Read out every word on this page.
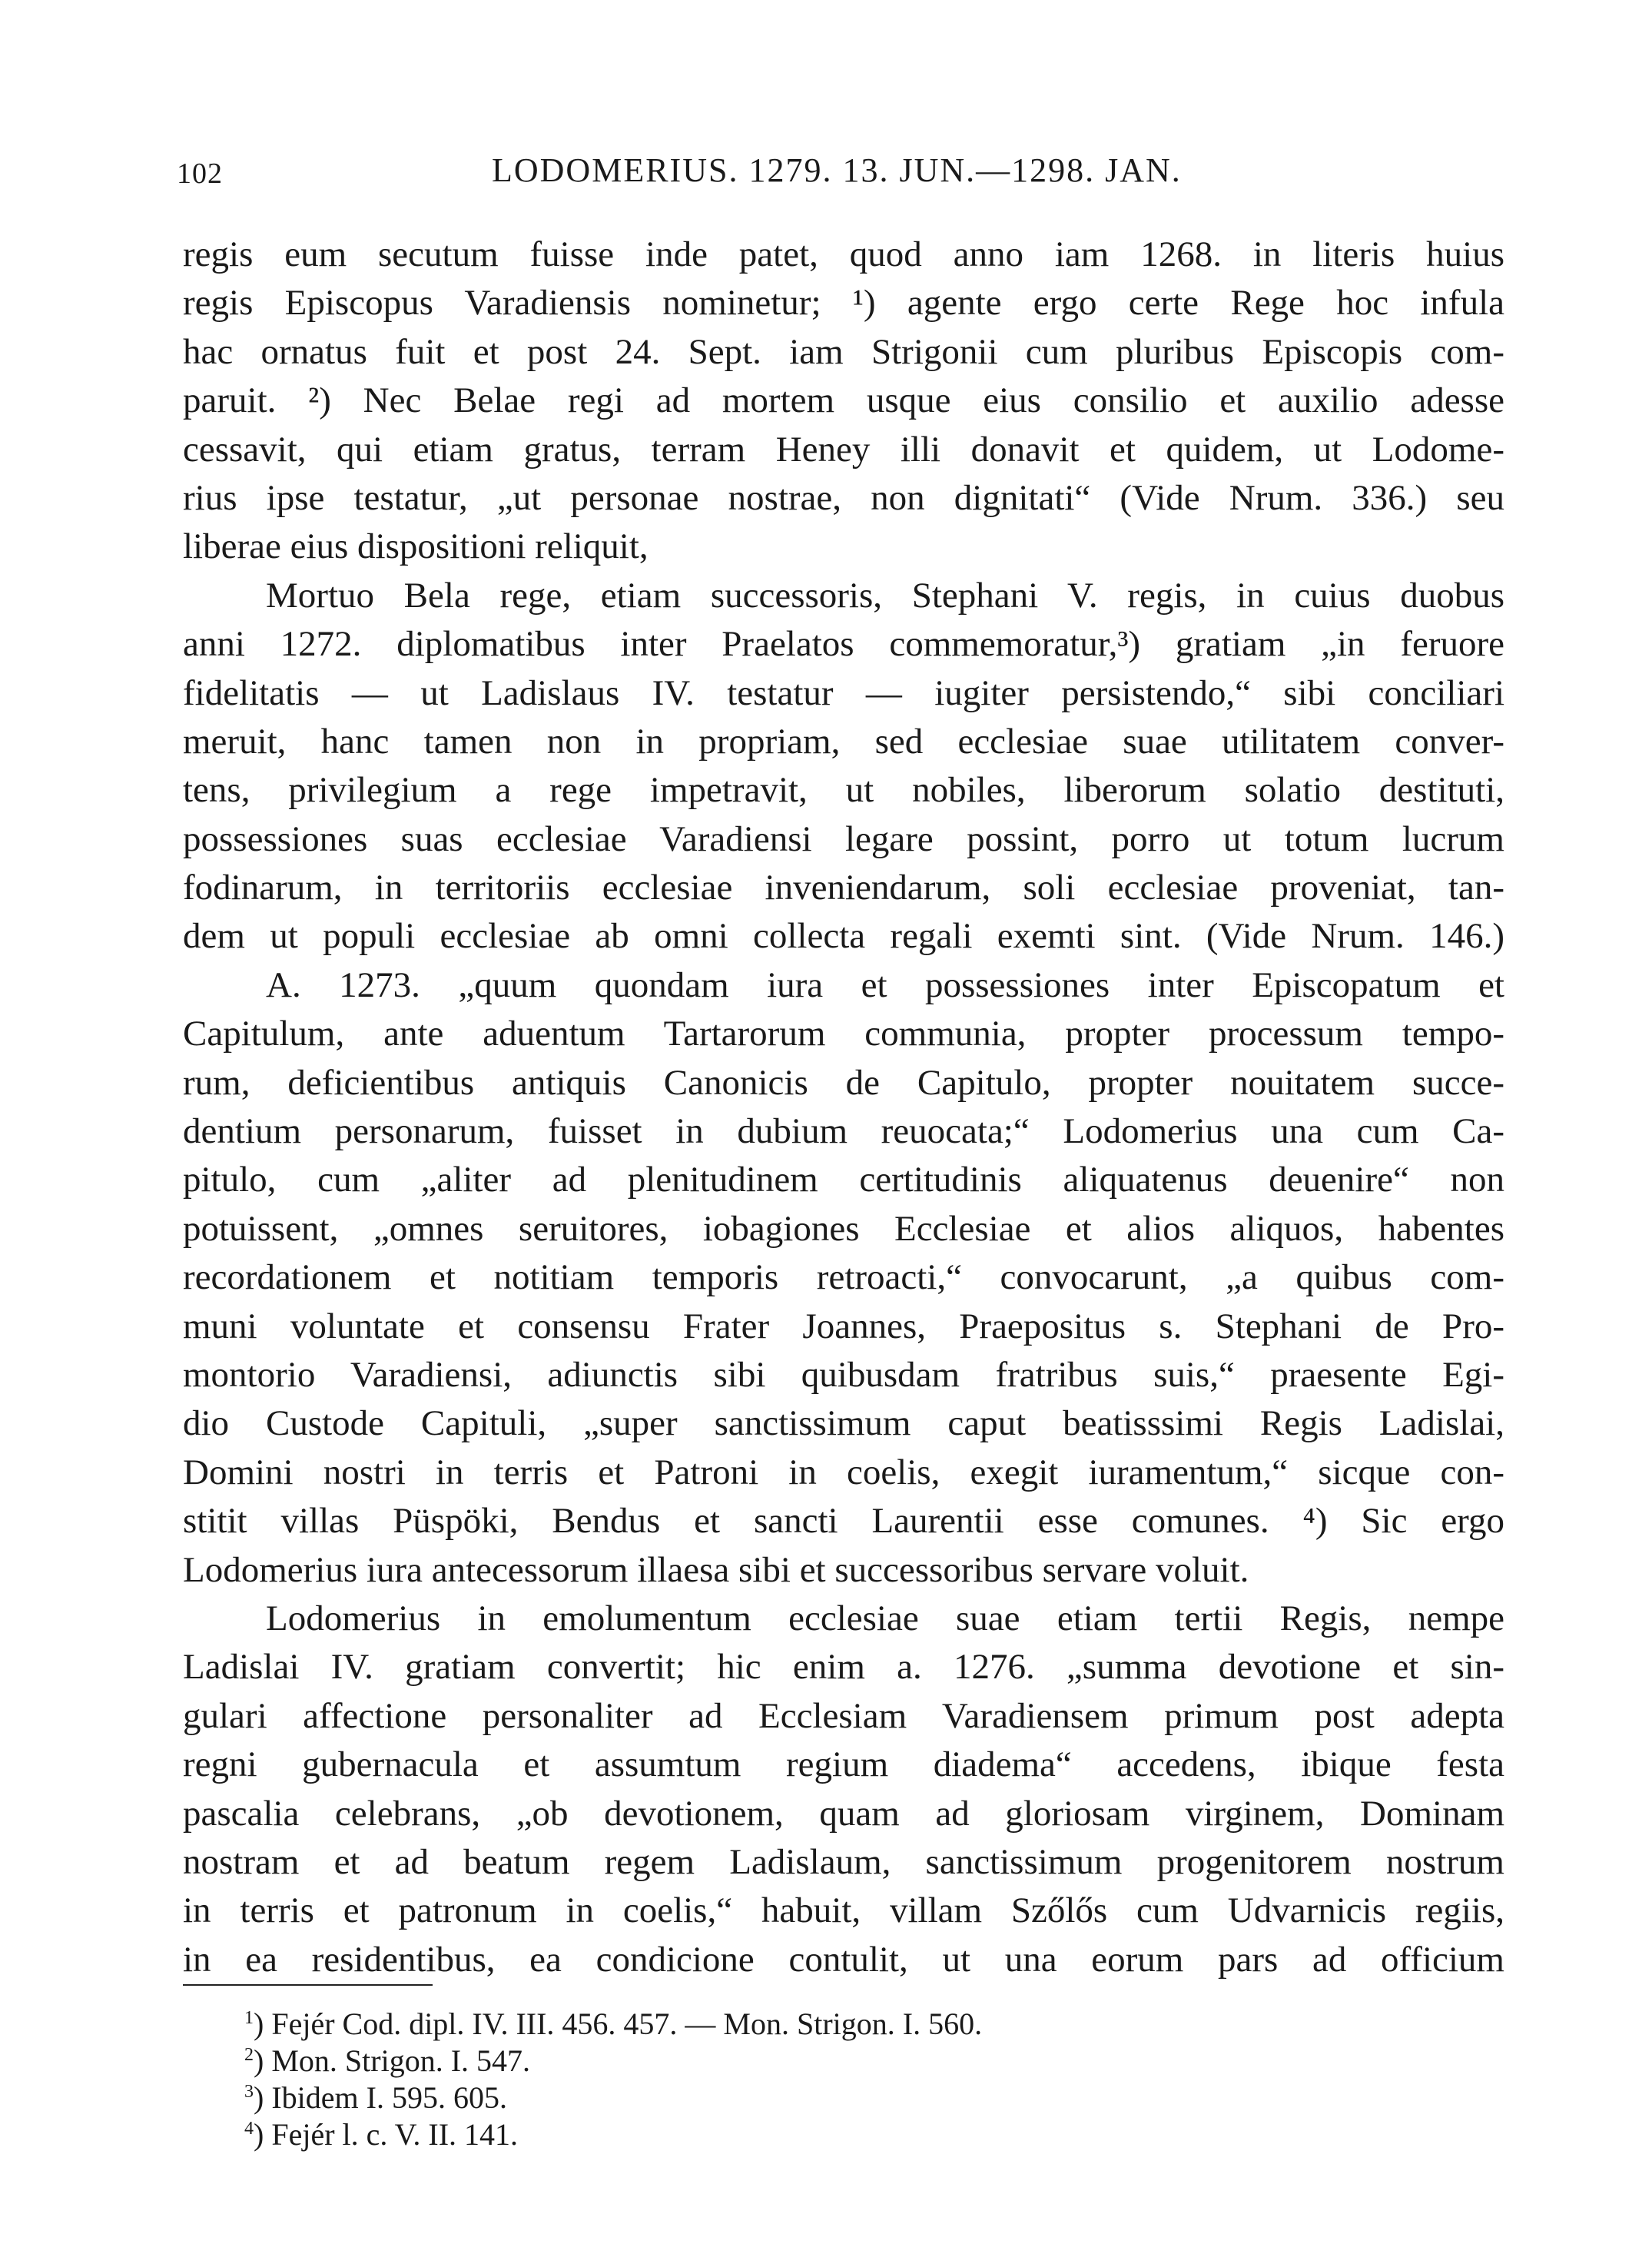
102	LODOMERIUS. 1279. 13. JUN.—1298. JAN.
regis eum secutum fuisse inde patet, quod anno iam 1268. in literis huius
regis Episcopus Varadiensis nominetur; ¹) agente ergo certe Rege hoc infula
hac ornatus fuit et post 24. Sept. iam Strigonii cum pluribus Episcopis com-
paruit. ²) Nec Belae regi ad mortem usque eius consilio et auxilio adesse
cessavit, qui etiam gratus, terram Heney illi donavit et quidem, ut Lodome-
rius ipse testatur, „ut personae nostrae, non dignitati“ (Vide Nrum. 336.) seu
liberae eius dispositioni reliquit,
Mortuo Bela rege, etiam successoris, Stephani V. regis, in cuius duobus
anni 1272. diplomatibus inter Praelatos commemoratur,³) gratiam „in feruore
fidelitatis — ut Ladislaus IV. testatur — iugiter persistendo,“ sibi conciliari
meruit, hanc tamen non in propriam, sed ecclesiae suae utilitatem conver-
tens, privilegium a rege impetravit, ut nobiles, liberorum solatio destituti,
possessiones suas ecclesiae Varadiensi legare possint, porro ut totum lucrum
fodinarum, in territoriis ecclesiae inveniendarum, soli ecclesiae proveniat, tan-
dem ut populi ecclesiae ab omni collecta regali exemti sint. (Vide Nrum. 146.)
A. 1273. „quum quondam iura et possessiones inter Episcopatum et
Capitulum, ante aduentum Tartarorum communia, propter processum tempo-
rum, deficientibus antiquis Canonicis de Capitulo, propter nouitatem succe-
dentium personarum, fuisset in dubium reuocata;“ Lodomerius una cum Ca-
pitulo, cum „aliter ad plenitudinem certitudinis aliquatenus deuenire“ non
potuissent, „omnes seruitores, iobagiones Ecclesiae et alios aliquos, habentes
recordationem et notitiam temporis retroacti,“ convocarunt, „a quibus com-
muni voluntate et consensu Frater Joannes, Praepositus s. Stephani de Pro-
montorio Varadiensi, adiunctis sibi quibusdam fratribus suis,“ praesente Egi-
dio Custode Capituli, „super sanctissimum caput beatisssimi Regis Ladislai,
Domini nostri in terris et Patroni in coelis, exegit iuramentum,“ sicque con-
stitit villas Püspöki, Bendus et sancti Laurentii esse comunes. ⁴) Sic ergo
Lodomerius iura antecessorum illaesa sibi et successoribus servare voluit.
Lodomerius in emolumentum ecclesiae suae etiam tertii Regis, nempe
Ladislai IV. gratiam convertit; hic enim a. 1276. „summa devotione et sin-
gulari affectione personaliter ad Ecclesiam Varadiensem primum post adepta
regni gubernacula et assumtum regium diadema“ accedens, ibique festa
pascalia celebrans, „ob devotionem, quam ad gloriosam virginem, Dominam
nostram et ad beatum regem Ladislaum, sanctissimum progenitorem nostrum
in terris et patronum in coelis,“ habuit, villam Szőlős cum Udvarnicis regiis,
in ea residentibus, ea condicione contulit, ut una eorum pars ad officium
$^1$) Fejér Cod. dipl. IV. III. 456. 457. — Mon. Strigon. I. 560.
$^2$) Mon. Strigon. I. 547.
$^3$) Ibidem I. 595. 605.
$^4$) Fejér l. c. V. II. 141.
